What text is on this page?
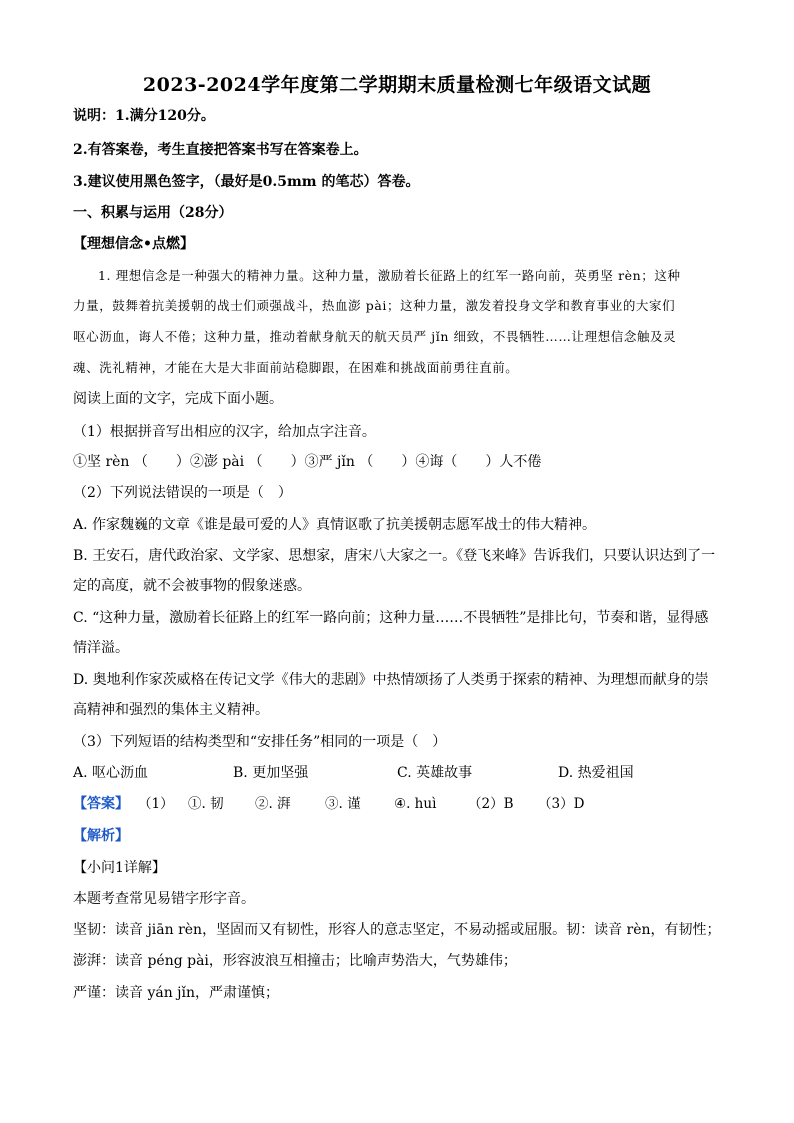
2023-2024学年度第二学期期末质量检测七年级语文试题
说明：1.满分120分。
2.有答案卷，考生直接把答案书写在答案卷上。
3.建议使用黑色签字，（最好是0.5mm 的笔芯）答卷。
一、积累与运用（28分）
【理想信念•点燃】
1. 理想信念是一种强大的精神力量。这种力量，激励着长征路上的红军一路向前，英勇坚 rèn；这种
力量，鼓舞着抗美援朝的战士们顽强战斗，热血澎 pài；这种力量，激发着投身文学和教育事业的大家们
呕心沥血，诲人不倦；这种力量，推动着献身航天的航天员严 jǐn 细致，不畏牺牲……让理想信念触及灵
魂、洗礼精神，才能在大是大非面前站稳脚跟，在困难和挑战面前勇往直前。
阅读上面的文字，完成下面小题。
（1）根据拼音写出相应的汉字，给加点字注音。
①坚 rèn （　　）②澎 pài （　　）③严 jǐn （　　）④诲（　　）人不倦
（2）下列说法错误的一项是（　）
A. 作家魏巍的文章《谁是最可爱的人》真情讴歌了抗美援朝志愿军战士的伟大精神。
B. 王安石，唐代政治家、文学家、思想家，唐宋八大家之一。《登飞来峰》告诉我们，只要认识达到了一
定的高度，就不会被事物的假象迷惑。
C. “这种力量，激励着长征路上的红军一路向前；这种力量……不畏牺牲”是排比句，节奏和谐，显得感
情洋溢。
D. 奥地利作家茨威格在传记文学《伟大的悲剧》中热情颂扬了人类勇于探索的精神、为理想而献身的崇
高精神和强烈的集体主义精神。
（3）下列短语的结构类型和“安排任务”相同的一项是（　）
A. 呕心沥血	B. 更加坚强	C. 英雄故事	D. 热爱祖国
【答案】 （1） ①. 韧 ②. 湃	③. 谨 ④. huì （2）B （3）D
【解析】
【小问1详解】
本题考查常见易错字形字音。
坚韧：读音 jiān rèn，坚固而又有韧性，形容人的意志坚定，不易动摇或屈服。韧：读音 rèn，有韧性；
澎湃：读音 péng pài，形容波浪互相撞击；比喻声势浩大，气势雄伟；
严谨：读音 yán jǐn，严肃谨慎；
